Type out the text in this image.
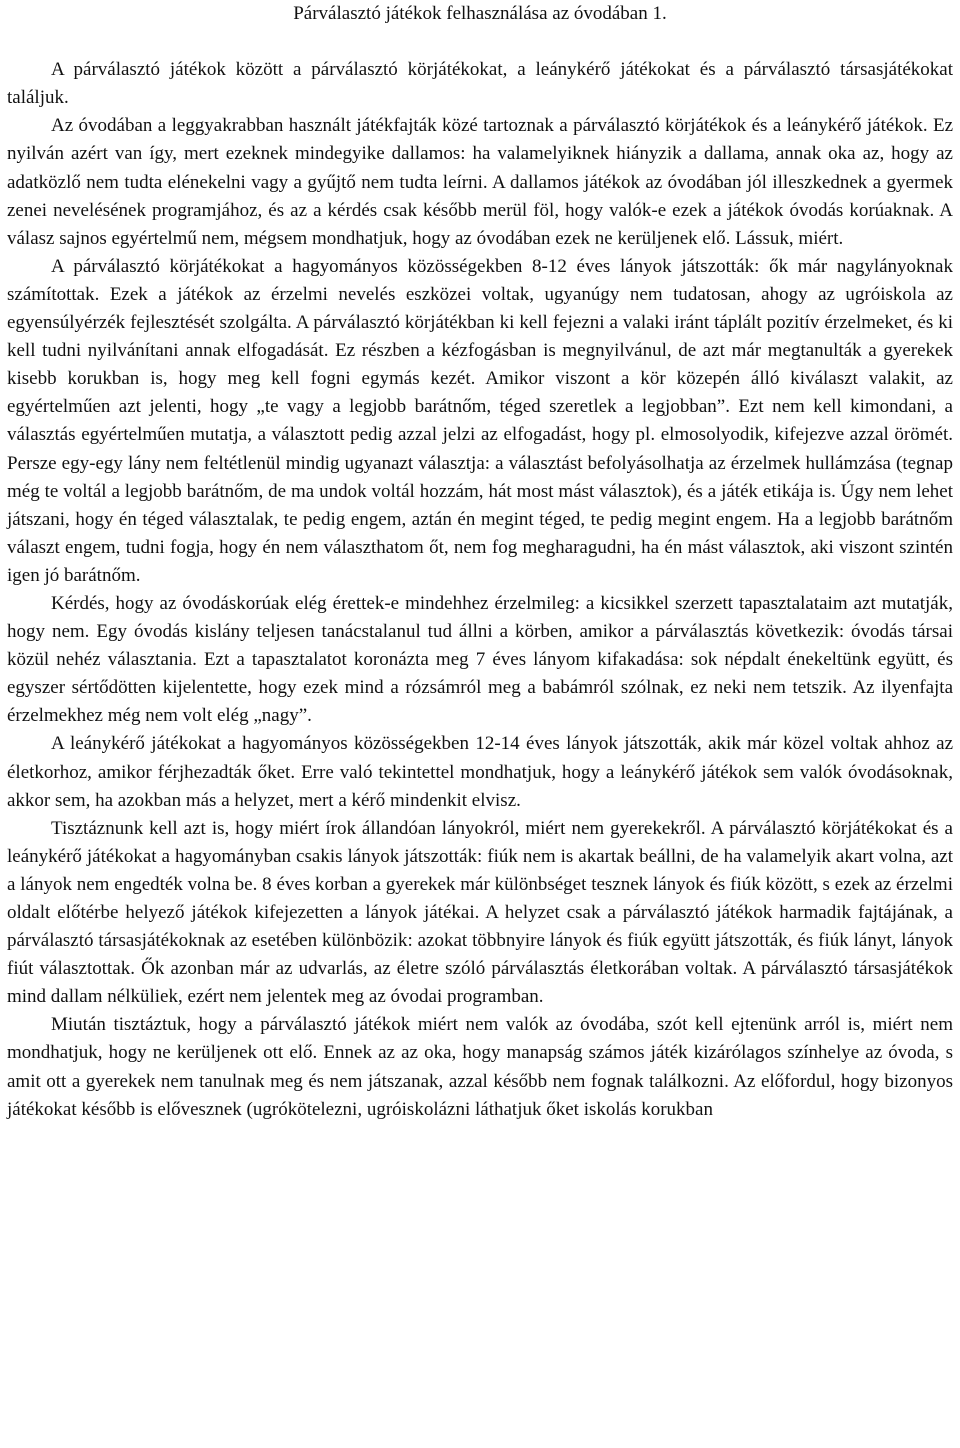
Párválasztó játékok felhasználása az óvodában 1.

A párválasztó játékok között a párválasztó körjátékokat, a leánykérő játékokat és a párválasztó társasjátékokat találjuk.

Az óvodában a leggyakrabban használt játékfajták közé tartoznak a párválasztó körjátékok és a leánykérő játékok. Ez nyilván azért van így, mert ezeknek mindegyike dallamos: ha valamelyiknek hiányzik a dallama, annak oka az, hogy az adatközlő nem tudta elénekelni vagy a gyűjtő nem tudta leírni. A dallamos játékok az óvodában jól illeszkednek a gyermek zenei nevelésének programjához, és az a kérdés csak később merül föl, hogy valók-e ezek a játékok óvodás korúaknak. A válasz sajnos egyértelmű nem, mégsem mondhatjuk, hogy az óvodában ezek ne kerüljenek elő. Lássuk, miért.

A párválasztó körjátékokat a hagyományos közösségekben 8-12 éves lányok játszották: ők már nagylányoknak számítottak. Ezek a játékok az érzelmi nevelés eszközei voltak, ugyanúgy nem tudatosan, ahogy az ugróiskola az egyensúlyérzék fejlesztését szolgálta. A párválasztó körjátékban ki kell fejezni a valaki iránt táplált pozitív érzelmeket, és ki kell tudni nyilvánítani annak elfogadását. Ez részben a kézfogásban is megnyilvánul, de azt már megtanulták a gyerekek kisebb korukban is, hogy meg kell fogni egymás kezét. Amikor viszont a kör közepén álló kiválaszt valakit, az egyértelműen azt jelenti, hogy „te vagy a legjobb barátnőm, téged szeretlek a legjobban”. Ezt nem kell kimondani, a választás egyértelműen mutatja, a választott pedig azzal jelzi az elfogadást, hogy pl. elmosolyodik, kifejezve azzal örömét. Persze egy-egy lány nem feltétlenül mindig ugyanazt választja: a választást befolyásolhatja az érzelmek hullámzása (tegnap még te voltál a legjobb barátnőm, de ma undok voltál hozzám, hát most mást választok), és a játék etikája is. Úgy nem lehet játszani, hogy én téged választalak, te pedig engem, aztán én megint téged, te pedig megint engem. Ha a legjobb barátnőm választ engem, tudni fogja, hogy én nem választhatom őt, nem fog megharagudni, ha én mást választok, aki viszont szintén igen jó barátnőm.

Kérdés, hogy az óvodáskorúak elég érettek-e mindehhez érzelmileg: a kicsikkel szerzett tapasztalataim azt mutatják, hogy nem. Egy óvodás kislány teljesen tanácstalanul tud állni a körben, amikor a párválasztás következik: óvodás társai közül nehéz választania. Ezt a tapasztalatot koronázta meg 7 éves lányom kifakadása: sok népdalt énekeltünk együtt, és egyszer sértődötten kijelentette, hogy ezek mind a rózsámról meg a babámról szólnak, ez neki nem tetszik. Az ilyenfajta érzelmekhez még nem volt elég „nagy”.

A leánykérő játékokat a hagyományos közösségekben 12-14 éves lányok játszották, akik már közel voltak ahhoz az életkorhoz, amikor férjhezadták őket. Erre való tekintettel mondhatjuk, hogy a leánykérő játékok sem valók óvodásoknak, akkor sem, ha azokban más a helyzet, mert a kérő mindenkit elvisz.

Tisztáznunk kell azt is, hogy miért írok állandóan lányokról, miért nem gyerekekről. A párválasztó körjátékokat és a leánykérő játékokat a hagyományban csakis lányok játszották: fiúk nem is akartak beállni, de ha valamelyik akart volna, azt a lányok nem engedték volna be. 8 éves korban a gyerekek már különbséget tesznek lányok és fiúk között, s ezek az érzelmi oldalt előtérbe helyező játékok kifejezetten a lányok játékai. A helyzet csak a párválasztó játékok harmadik fajtájának, a párválasztó társasjátékoknak az esetében különbözik: azokat többnyire lányok és fiúk együtt játszották, és fiúk lányt, lányok fiút választottak. Ők azonban már az udvarlás, az életre szóló párválasztás életkorában voltak. A párválasztó társasjátékok mind dallam nélküliek, ezért nem jelentek meg az óvodai programban.

Miután tisztáztuk, hogy a párválasztó játékok miért nem valók az óvodába, szót kell ejtenünk arról is, miért nem mondhatjuk, hogy ne kerüljenek ott elő. Ennek az az oka, hogy manapság számos játék kizárólagos színhelye az óvoda, s amit ott a gyerekek nem tanulnak meg és nem játszanak, azzal később nem fognak találkozni. Az előfordul, hogy bizonyos játékokat később is elővesznek (ugrókötelezni, ugróiskolázni láthatjuk őket iskolás korukban
